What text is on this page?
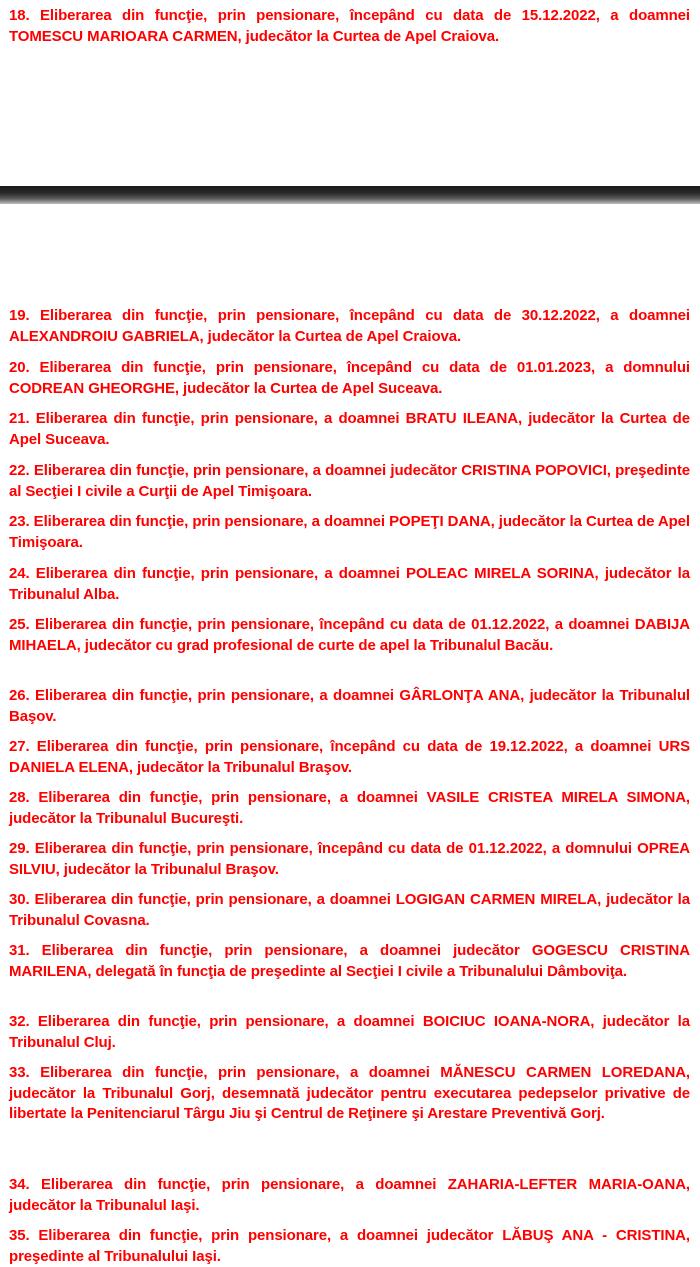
18. Eliberarea din funcţie, prin pensionare, începând cu data de 15.12.2022, a doamnei TOMESCU MARIOARA CARMEN, judecător la Curtea de Apel Craiova.

19. Eliberarea din funcţie, prin pensionare, începând cu data de 30.12.2022, a doamnei ALEXANDROIU GABRIELA, judecător la Curtea de Apel Craiova.

20. Eliberarea din funcţie, prin pensionare, începând cu data de 01.01.2023, a domnului CODREAN GHEORGHE, judecător la Curtea de Apel Suceava.

21. Eliberarea din funcţie, prin pensionare, a doamnei BRATU ILEANA, judecător la Curtea de Apel Suceava.

22. Eliberarea din funcţie, prin pensionare, a doamnei judecător CRISTINA POPOVICI, preşedinte al Secţiei I civile a Curţii de Apel Timişoara.

23. Eliberarea din funcţie, prin pensionare, a doamnei POPEŢI DANA, judecător la Curtea de Apel Timişoara.

24. Eliberarea din funcţie, prin pensionare, a doamnei POLEAC MIRELA SORINA, judecător la Tribunalul Alba.

25. Eliberarea din funcţie, prin pensionare, începând cu data de 01.12.2022, a doamnei DABIJA MIHAELA, judecător cu grad profesional de curte de apel la Tribunalul Bacău.

26. Eliberarea din funcţie, prin pensionare, a doamnei GÂRLONŢA ANA, judecător la Tribunalul Başov.

27. Eliberarea din funcţie, prin pensionare, începând cu data de 19.12.2022, a doamnei URS DANIELA ELENA, judecător la Tribunalul Braşov.

28. Eliberarea din funcţie, prin pensionare, a doamnei VASILE CRISTEA MIRELA SIMONA, judecător la Tribunalul Bucureşti.

29. Eliberarea din funcţie, prin pensionare, începând cu data de 01.12.2022, a domnului OPREA SILVIU, judecător la Tribunalul Braşov.

30. Eliberarea din funcţie, prin pensionare, a doamnei LOGIGAN CARMEN MIRELA, judecător la Tribunalul Covasna.

31. Eliberarea din funcţie, prin pensionare, a doamnei judecător GOGESCU CRISTINA MARILENA, delegată în funcţia de preşedinte al Secţiei I civile a Tribunalului Dâmboviţa.

32. Eliberarea din funcţie, prin pensionare, a doamnei BOICIUC IOANA-NORA, judecător la Tribunalul Cluj.

33. Eliberarea din funcţie, prin pensionare, a doamnei MĂNESCU CARMEN LOREDANA, judecător la Tribunalul Gorj, desemnată judecător pentru executarea pedepselor privative de libertate la Penitenciarul Târgu Jiu şi Centrul de Reţinere şi Arestare Preventivă Gorj.

34. Eliberarea din funcţie, prin pensionare, a doamnei ZAHARIA-LEFTER MARIA-OANA, judecător la Tribunalul Iaşi.

35. Eliberarea din funcţie, prin pensionare, a doamnei judecător LĂBUŞ ANA - CRISTINA, preşedinte al Tribunalului Iaşi.
